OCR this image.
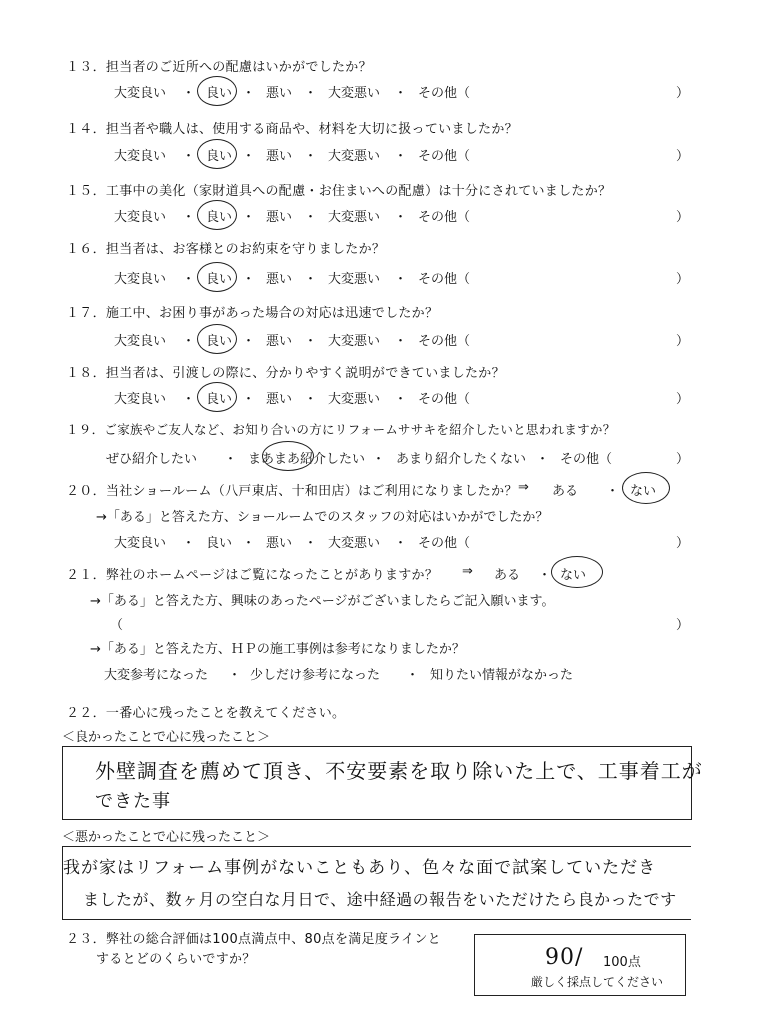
１３．担当者のご近所への配慮はいかがでしたか？
大変良い ・ 良い ・ 悪い ・ 大変悪い ・ その他（	）
１４．担当者や職人は、使用する商品や、材料を大切に扱っていましたか？
大変良い ・ 良い ・ 悪い ・ 大変悪い ・ その他（	）
１５．工事中の美化（家財道具への配慮・お住まいへの配慮）は十分にされていましたか？
大変良い ・ 良い ・ 悪い ・ 大変悪い ・ その他（	）
１６．担当者は、お客様とのお約束を守りましたか？
大変良い ・ 良い ・ 悪い ・ 大変悪い ・ その他（	）
１７．施工中、お困り事があった場合の対応は迅速でしたか？
大変良い ・ 良い ・ 悪い ・ 大変悪い ・ その他（	）
１８．担当者は、引渡しの際に、分かりやすく説明ができていましたか？
大変良い ・ 良い ・ 悪い ・ 大変悪い ・ その他（	）
１９．ご家族やご友人など、お知り合いの方にリフォームササキを紹介したいと思われますか？
ぜひ紹介したい ・ まあまあ紹介したい ・ あまり紹介したくない ・ その他（	）
２０．当社ショールーム（八戸東店、十和田店）はご利用になりましたか？ ⇒ ある ・ ない
→「ある」と答えた方、ショールームでのスタッフの対応はいかがでしたか？
大変良い ・ 良い ・ 悪い ・ 大変悪い ・ その他（	）
２１．弊社のホームページはご覧になったことがありますか？ ⇒ ある ・ ない
→「ある」と答えた方、興味のあったページがございましたらご記入願います。
（	）
→「ある」と答えた方、ＨＰの施工事例は参考になりましたか？
大変参考になった ・ 少しだけ参考になった ・ 知りたい情報がなかった
２２．一番心に残ったことを教えてください。
＜良かったことで心に残ったこと＞
外壁調査を薦めて頂き、不安要素を取り除いた上で、工事着工が
できた事
＜悪かったことで心に残ったこと＞
我が家はリフォーム事例がないこともあり、色々な面で試案していただき
ましたが、数ヶ月の空白な月日で、途中経過の報告をいただけたら良かったです
２３．弊社の総合評価は100点満点中、80点を満足度ラインと
するとどのくらいですか？	90 / 100点
厳しく採点してください
